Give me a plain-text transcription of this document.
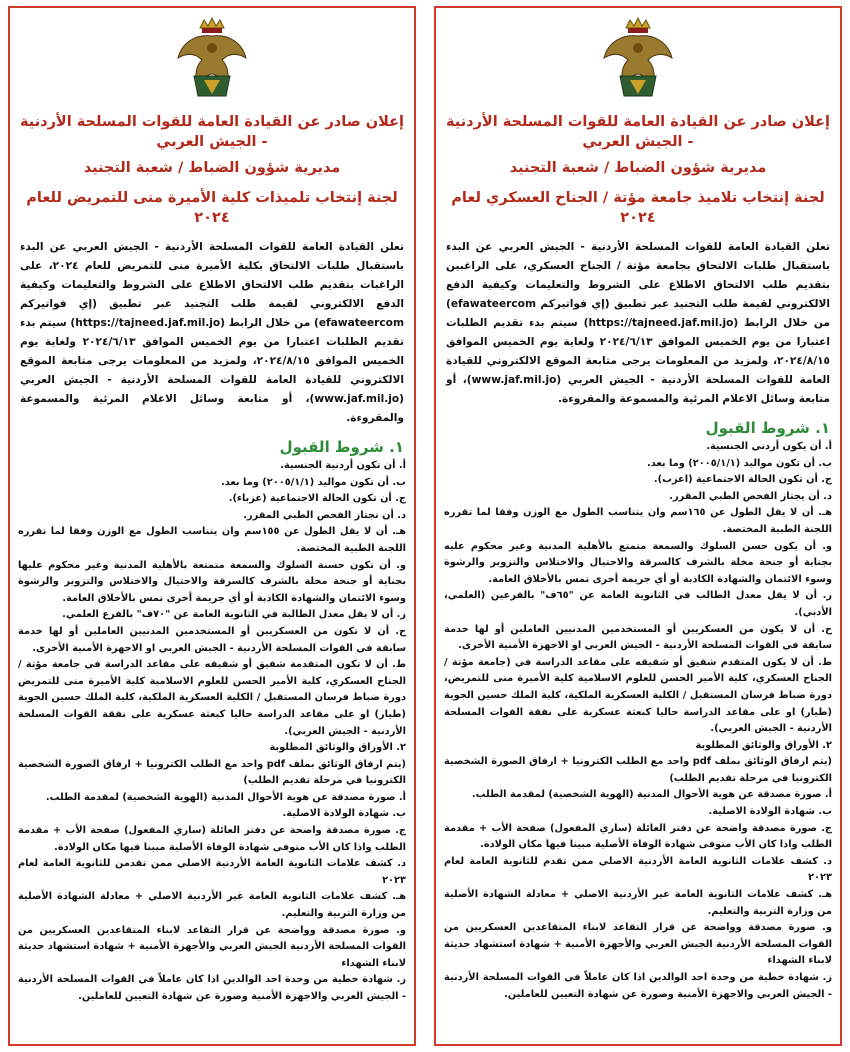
إعلان صادر عن القيادة العامة للقوات المسلحة الأردنية - الجيش العربي
مديرية شؤون الضباط / شعبة التجنيد
لجنة إنتخاب تلاميذ جامعة مؤتة / الجناح العسكري لعام ٢٠٢٤
تعلن القيادة العامة للقوات المسلحة الأردنية - الجيش العربي عن البدء باستقبال طلبات الالتحاق بجامعة مؤتة / الجناح العسكري، على الراغبين بتقديم طلب الالتحاق الاطلاع على الشروط والتعليمات وكيفية الدفع الالكتروني لقيمة طلب التجنيد عبر تطبيق (إي فواتيركم efawateercom) من خلال الرابط (https://tajneed.jaf.mil.jo) سيتم بدء تقديم الطلبات اعتبارا من يوم الخميس الموافق ٢٠٢٤/٦/١٣ ولغاية يوم الخميس الموافق ٢٠٢٤/٨/١٥، ولمزيد من المعلومات يرجى متابعة الموقع الالكتروني للقيادة العامة للقوات المسلحة الأردنية - الجيش العربي (www.jaf.mil.jo)، أو متابعة وسائل الاعلام المرئية والمسموعة والمقروءة.
١. شروط القبول

أ. أن يكون أردني الجنسية.

ب. أن تكون مواليد (٢٠٠٥/١/١) وما بعد.

ج. أن تكون الحالة الاجتماعية (اعزب).

د. أن يجتاز الفحص الطبي المقرر.

هـ. أن لا يقل الطول عن ١٦٥سم وان يتناسب الطول مع الوزن وفقا لما تقرره اللجنة الطبية المختصة.

و. أن يكون حسن السلوك والسمعة متمتع بالأهلية المدنية وغير محكوم عليه بجناية أو جنحة مخلة بالشرف كالسرقة والاحتيال والاختلاس والتزوير والرشوة وسوء الائتمان والشهادة الكاذبة أو أي جريمة أخرى تمس بالأخلاق العامة.

ز. أن لا يقل معدل الطالب في الثانوية العامة عن "٦٥ف" بالفرعين (العلمي، الأدبي).

ح. أن لا يكون من العسكريين أو المستخدمين المدنيين العاملين أو لها خدمة سابقة في القوات المسلحة الأردنية - الجيش العربي او الاجهزة الأمنية الأخرى.

ط. أن لا يكون المتقدم شقيق أو شقيقه على مقاعد الدراسة في (جامعة مؤتة / الجناح العسكري، كلية الأمير الحسن للعلوم الاسلامية كلية الأميرة منى للتمريض، دورة ضباط فرسان المستقبل / الكلية العسكرية الملكية، كلية الملك حسين الجوية (طيار) او على مقاعد الدراسة حاليا كبعثة عسكرية على نفقة القوات المسلحة الأردنية - الجيش العربي).

٢. الأوراق والوثائق المطلوبة

(يتم ارفاق الوثائق بملف pdf واحد مع الطلب الكترونيا + ارفاق الصورة الشخصية الكترونيا في مرحلة تقديم الطلب)

أ. صورة مصدقة عن هوية الأحوال المدنية (الهوية الشخصية) لمقدمة الطلب.

ب. شهادة الولادة الاصلية.

ج. صورة مصدقة واضحة عن دفتر العائلة (ساري المفعول) صفحة الأب + مقدمة الطلب واذا كان الأب متوفى شهادة الوفاة الأصلية مبينا فيها مكان الولادة.

د. كشف علامات الثانوية العامة الأردنية الاصلي ممن تقدم للثانوية العامة لعام ٢٠٢٣

هـ. كشف علامات الثانوية العامة غير الأردنية الاصلي + معادلة الشهادة الأصلية من وزارة التربية والتعليم.

و. صورة مصدقة وواضحة عن قرار التقاعد لابناء المتقاعدين العسكريين من القوات المسلحة الأردنية الجيش العربي والأجهزة الأمنية + شهادة استشهاد حديثة لابناء الشهداء

ز. شهادة خطية من وحدة احد الوالدين اذا كان عاملاً في القوات المسلحة الأردنية - الجيش العربي والاجهزة الأمنية وصورة عن شهادة التعيين للعاملين.

إعلان صادر عن القيادة العامة للقوات المسلحة الأردنية - الجيش العربي
مديرية شؤون الضباط / شعبة التجنيد
لجنة إنتخاب تلميذات كلية الأميرة منى للتمريض للعام ٢٠٢٤
تعلن القيادة العامة للقوات المسلحة الأردنية - الجيش العربي عن البدء باستقبال طلبات الالتحاق بكلية الأميرة منى للتمريض للعام ٢٠٢٤، على الراغبات بتقديم طلب الالتحاق الاطلاع على الشروط والتعليمات وكيفية الدفع الالكتروني لقيمة طلب التجنيد عبر تطبيق (إي فواتيركم efawateercom) من خلال الرابط (https://tajneed.jaf.mil.jo) سيتم بدء تقديم الطلبات اعتبارا من يوم الخميس الموافق ٢٠٢٤/٦/١٣ ولغاية يوم الخميس الموافق ٢٠٢٤/٨/١٥، ولمزيد من المعلومات يرجى متابعة الموقع الالكتروني للقيادة العامة للقوات المسلحة الأردنية - الجيش العربي (www.jaf.mil.jo)، أو متابعة وسائل الاعلام المرئية والمسموعة والمقروءة.
١. شروط القبول

أ. أن تكون أردنية الجنسية.

ب. أن تكون مواليد (٢٠٠٥/١/١) وما بعد.

ج. أن تكون الحالة الاجتماعية (عزباء).

د. أن تجتاز الفحص الطبي المقرر.

هـ. أن لا يقل الطول عن ١٥٥سم وان يتناسب الطول مع الوزن وفقا لما تقرره اللجنة الطبية المختصة.

و. أن تكون حسنة السلوك والسمعة متمتعة بالأهلية المدنية وغير محكوم عليها بجناية أو جنحة مخلة بالشرف كالسرقة والاحتيال والاختلاس والتزوير والرشوة وسوء الائتمان والشهادة الكاذبة أو أي جريمة أخرى تمس بالأخلاق العامة.

ز. أن لا يقل معدل الطالبة في الثانوية العامة عن "٧٠ف" بالفرع العلمي.

ح. أن لا تكون من العسكريين أو المستخدمين المدنيين العاملين أو لها خدمة سابقة في القوات المسلحة الأردنية - الجيش العربي او الاجهزة الأمنية الأخرى.

ط. أن لا تكون المتقدمة شقيق أو شقيقه على مقاعد الدراسة في جامعة مؤتة / الجناح العسكري، كلية الأمير الحسن للعلوم الاسلامية كلية الأميرة منى للتمريض دورة ضباط فرسان المستقبل / الكلية العسكرية الملكية، كلية الملك حسين الجوية (طيار) او على مقاعد الدراسة حاليا كبعثة عسكرية على نفقة القوات المسلحة الأردنية - الجيش العربي).

٢. الأوراق والوثائق المطلوبة

(يتم ارفاق الوثائق بملف pdf واحد مع الطلب الكترونيا + ارفاق الصورة الشخصية الكترونيا في مرحلة تقديم الطلب)

أ. صورة مصدقة عن هوية الأحوال المدنية (الهوية الشخصية) لمقدمة الطلب.

ب. شهادة الولادة الاصلية.

ج. صورة مصدقة واضحة عن دفتر العائلة (ساري المفعول) صفحة الأب + مقدمة الطلب واذا كان الأب متوفى شهادة الوفاة الأصلية مبينا فيها مكان الولادة.

د. كشف علامات الثانوية العامة الأردنية الاصلي ممن تقدمن للثانوية العامة لعام ٢٠٢٣

هـ. كشف علامات الثانوية العامة غير الأردنية الاصلي + معادلة الشهادة الأصلية من وزارة التربية والتعليم.

و. صورة مصدقة وواضحة عن قرار التقاعد لابناء المتقاعدين العسكريين من القوات المسلحة الأردنية الجيش العربي والأجهزة الأمنية + شهادة استشهاد حديثة لابناء الشهداء

ز. شهادة خطية من وحدة احد الوالدين اذا كان عاملاً في القوات المسلحة الأردنية - الجيش العربي والاجهزة الأمنية وصورة عن شهادة التعيين للعاملين.
